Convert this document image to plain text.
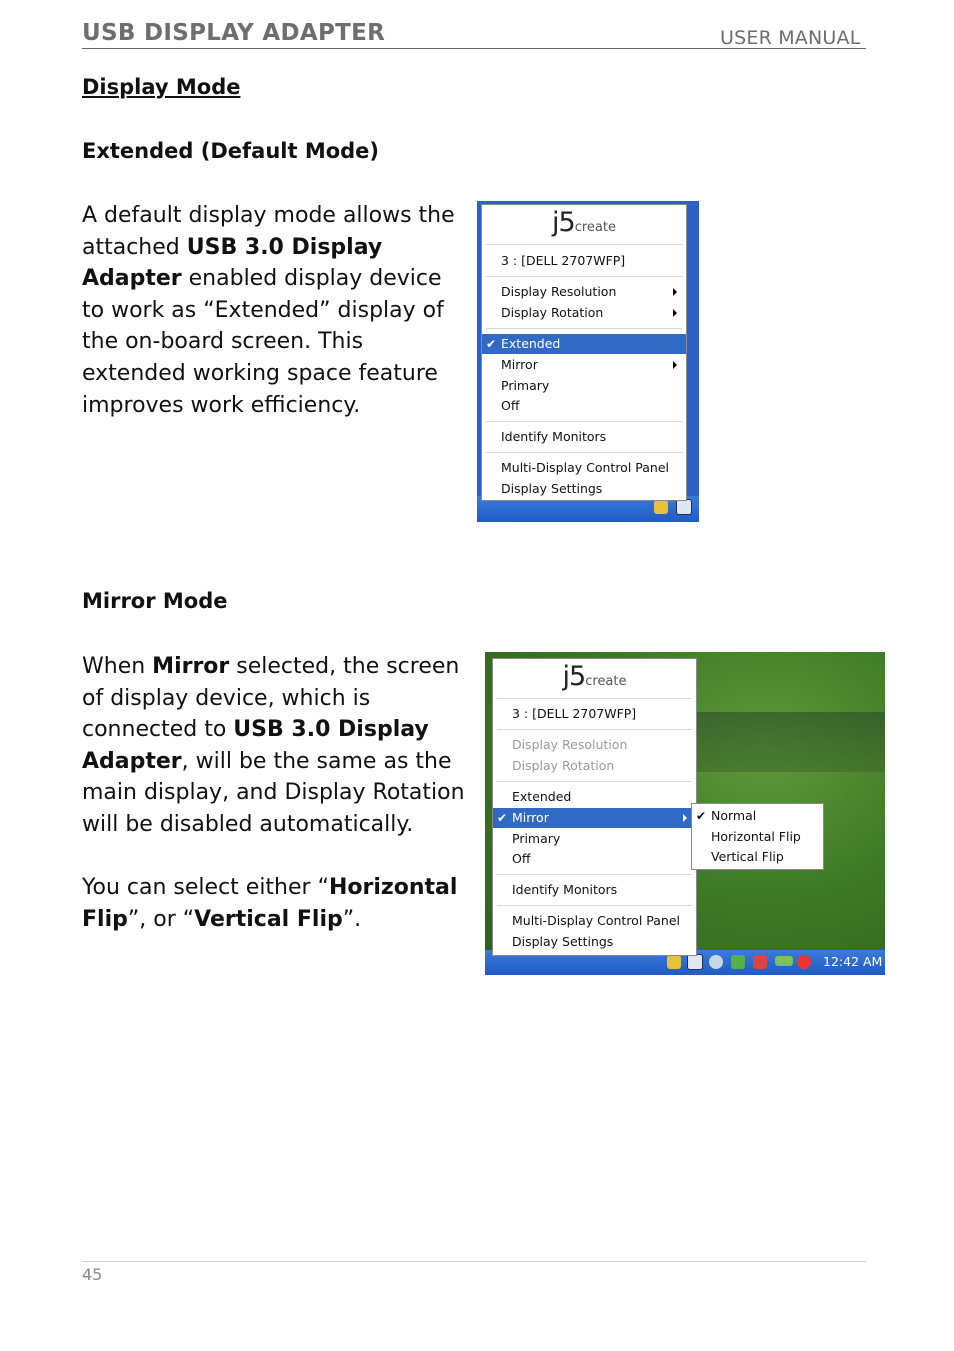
USB DISPLAY ADAPTER	USER MANUAL
Display Mode
Extended (Default Mode)
A default display mode allows the attached USB 3.0 Display Adapter enabled display device to work as “Extended” display of the on-board screen. This extended working space feature improves work efficiency.
j5create
3 : [DELL 2707WFP]
Display Resolution
Display Rotation
✔ Extended
Mirror
Primary
Off
Identify Monitors
Multi-Display Control Panel
Display Settings
Mirror Mode
When Mirror selected, the screen of display device, which is connected to USB 3.0 Display Adapter, will be the same as the main display, and Display Rotation will be disabled automatically.
You can select either “Horizontal Flip”, or “Vertical Flip”.
12:42 AM
j5create
3 : [DELL 2707WFP]
Display Resolution
Display Rotation
Extended
✔ Mirror
Primary
Off
Identify Monitors
Multi-Display Control Panel
Display Settings
✔ Normal
Horizontal Flip
Vertical Flip
45
